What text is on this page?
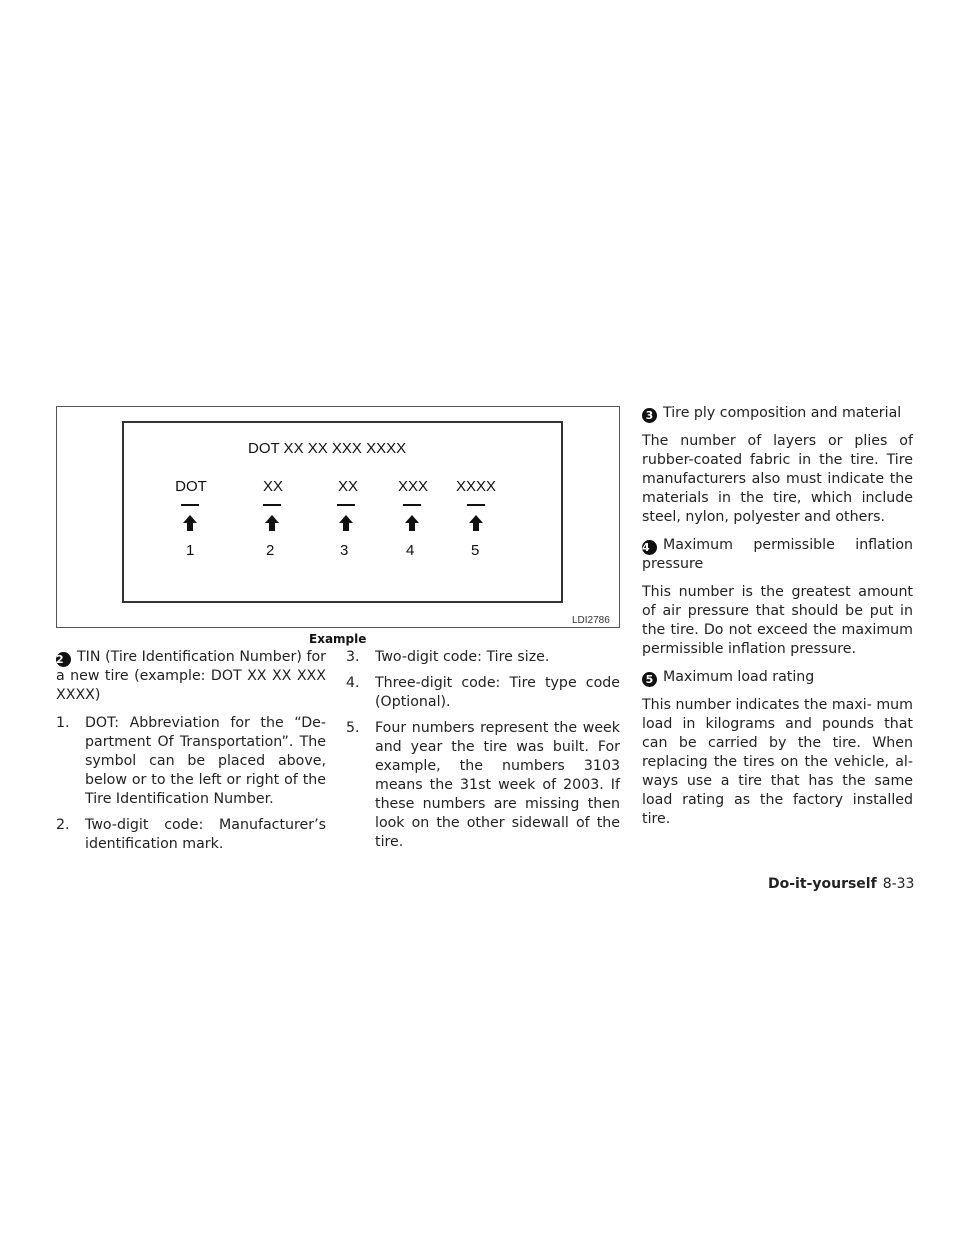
DOT XX XX XXX XXXX
DOT	XX	XX	XXX	XXXX
1	2	3	4	5
LDI2786
Example
2 TIN (Tire Identification Number) for a new tire (example: DOT XX XX XXX XXXX)
1.	DOT: Abbreviation for the “De- partment Of Transportation”. The symbol can be placed above, below or to the left or right of the Tire Identification Number.
2.	Two-digit code: Manufacturer’s identification mark.
3.	Two-digit code: Tire size.
4.	Three-digit code: Tire type code (Optional).
5.	Four numbers represent the week and year the tire was built. For example, the numbers 3103 means the 31st week of 2003. If these numbers are missing then look on the other sidewall of the tire.
3 Tire ply composition and material
The number of layers or plies of rubber-coated fabric in the tire. Tire manufacturers also must indicate the materials in the tire, which include steel, nylon, polyester and others.
4 Maximum permissible inflation pressure
This number is the greatest amount of air pressure that should be put in the tire. Do not exceed the maximum permissible inflation pressure.
5 Maximum load rating
This number indicates the maxi- mum load in kilograms and pounds that can be carried by the tire. When replacing the tires on the vehicle, al- ways use a tire that has the same load rating as the factory installed tire.
Do-it-yourself 8-33
